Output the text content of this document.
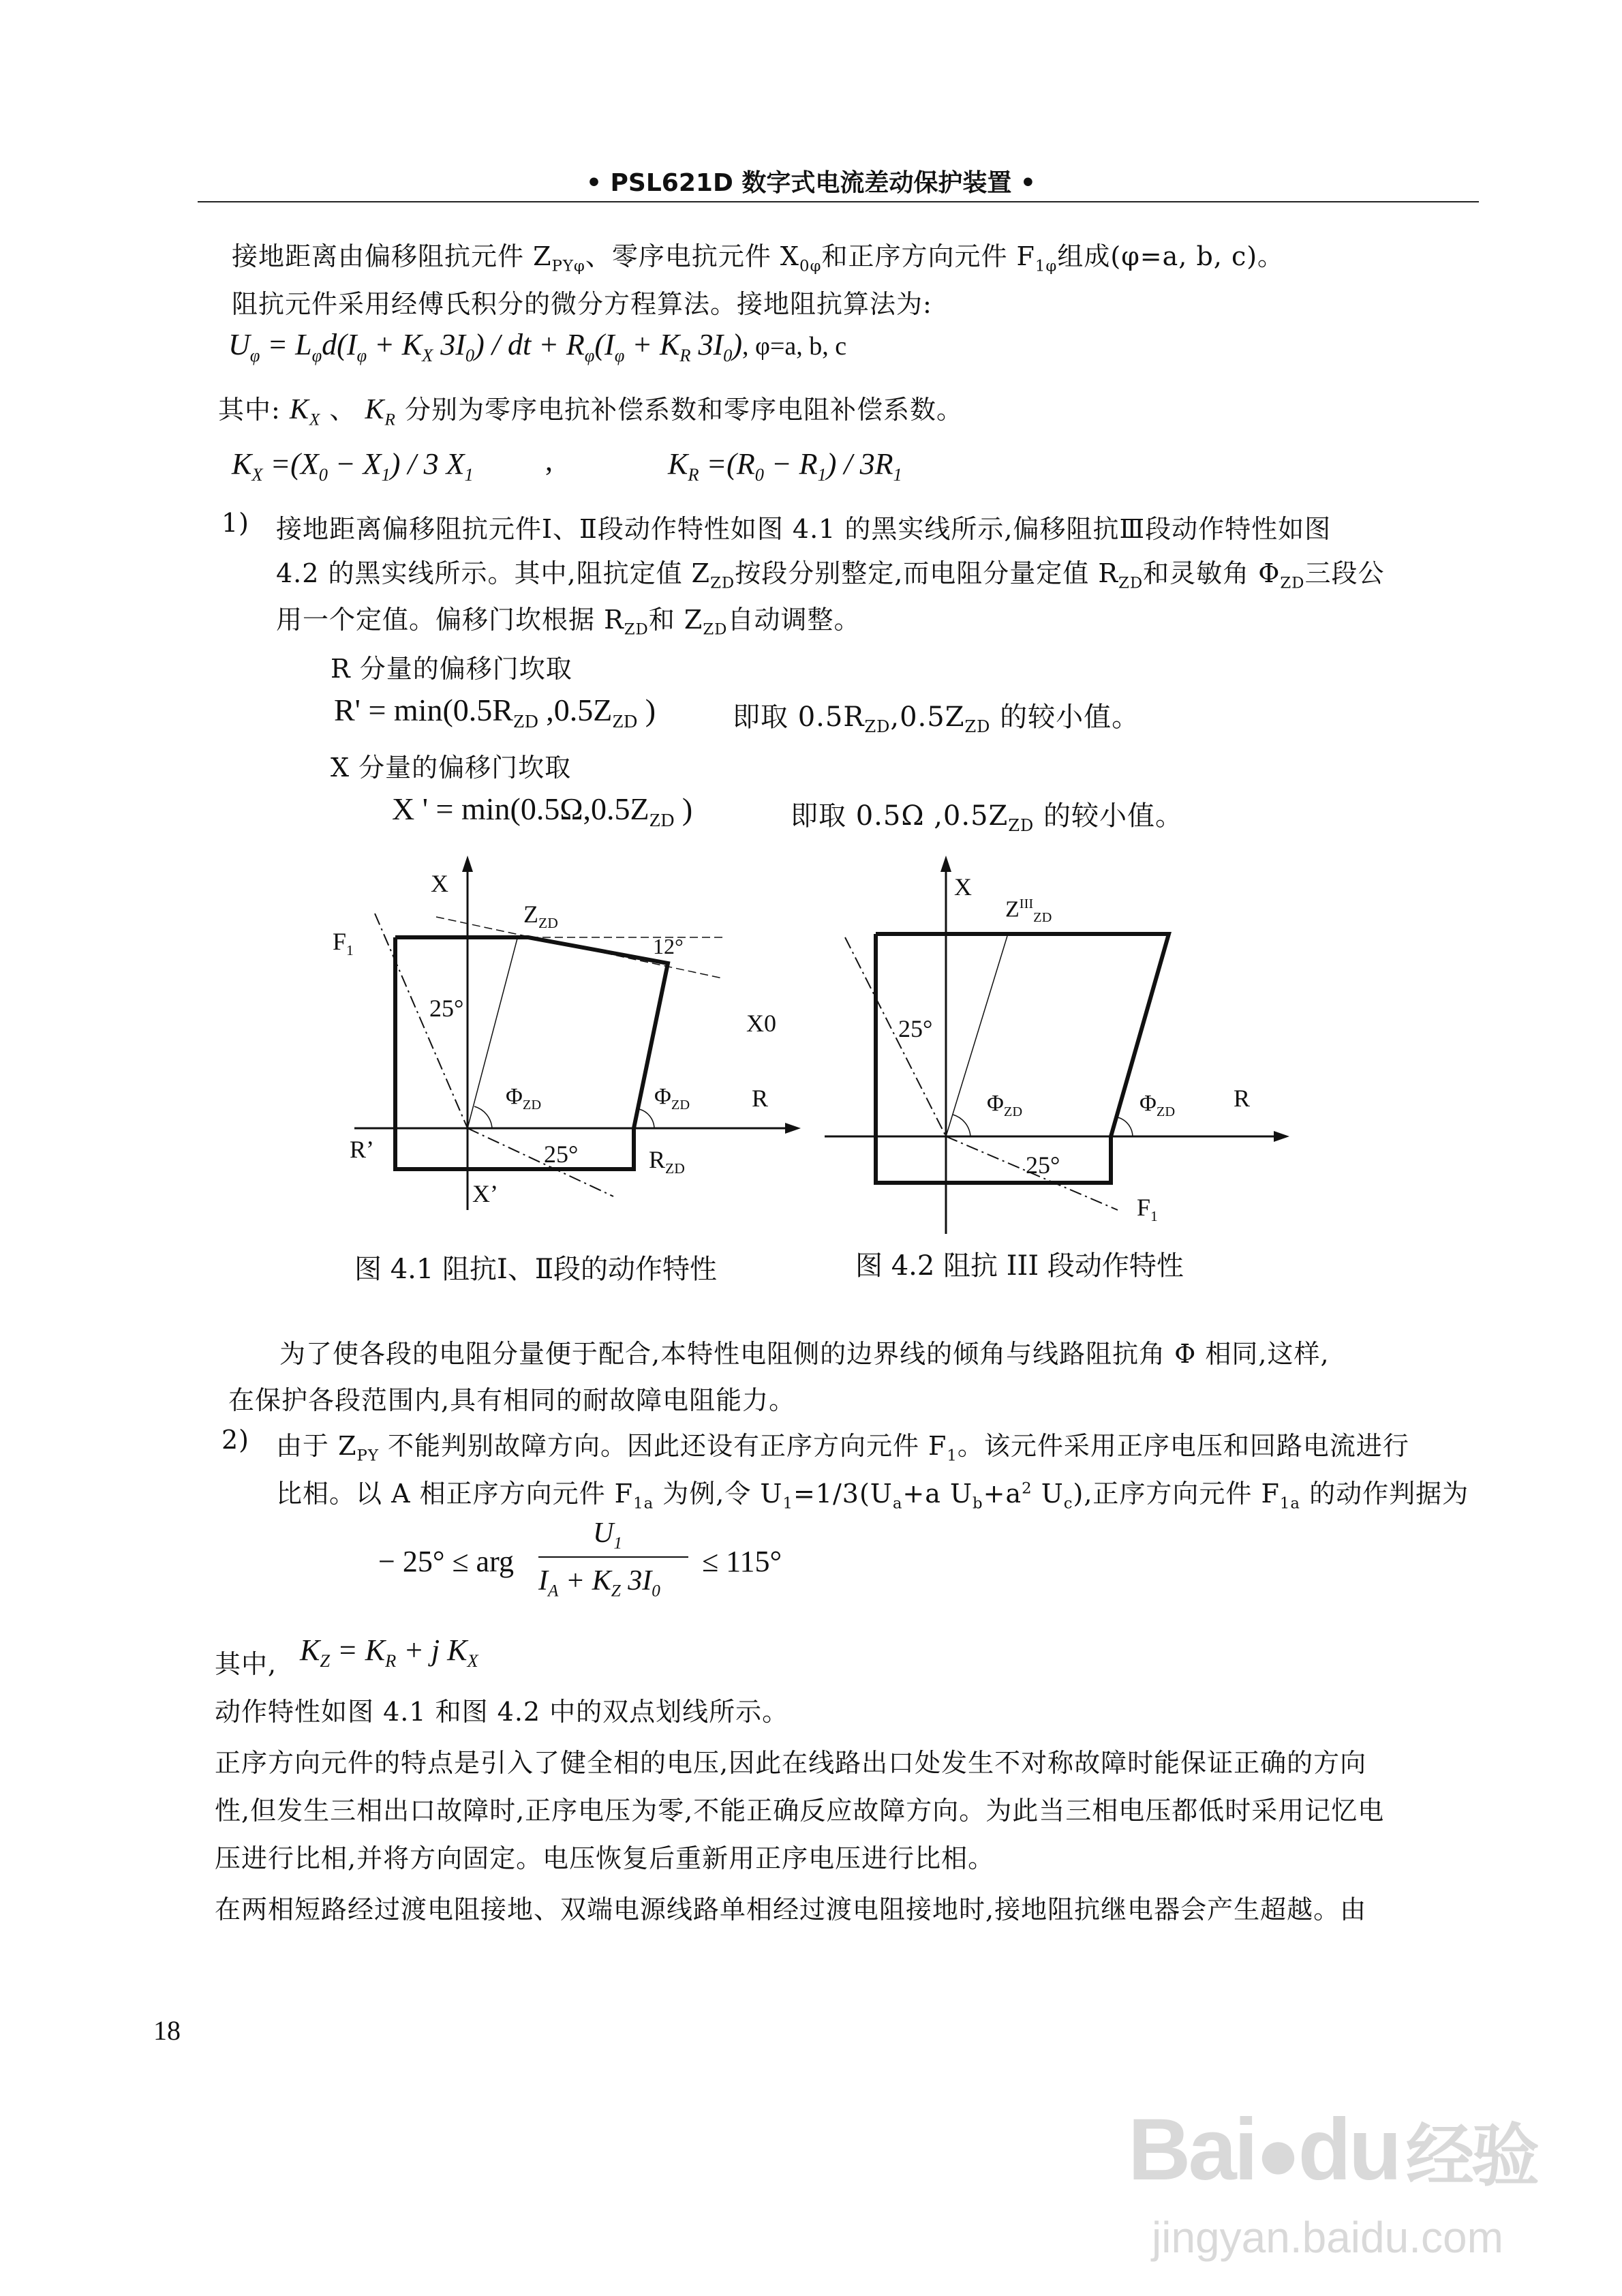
• PSL621D 数字式电流差动保护装置 •
接地距离由偏移阻抗元件 $Z_{PY\varphi}$、零序电抗元件 $X_{0\varphi}$和正序方向元件 $F_{1\varphi}$组成(φ=a, b, c)。
阻抗元件采用经傅氏积分的微分方程算法。接地阻抗算法为:
$U_\varphi = L_\varphi d(I_\varphi + K_X$ $3I_0$) / dt + $R_\varphi(I_\varphi + K_R$ $3I_0$), φ=a, b, c
其中: $K_X$ 、 $K_R$ 分别为零序电抗补偿系数和零序电阻补偿系数。
$K_X =(X_0 - X_1) / 3$ $X_1$ ,	$K_R =(R_0 - R_1) / 3R_1$
1) 接地距离偏移阻抗元件Ⅰ、Ⅱ段动作特性如图 4.1 的黑实线所示,偏移阻抗Ⅲ段动作特性如图
4.2 的黑实线所示。其中,阻抗定值 $Z_{ZD}$按段分别整定,而电阻分量定值 $R_{ZD}$和灵敏角 $\Phi_{ZD}$三段公
用一个定值。偏移门坎根据 $R_{ZD}$和 $Z_{ZD}$自动调整。
R 分量的偏移门坎取
$R' = \min(0.5R_{ZD}$ $,0.5Z_{ZD}$ )	即取 $0.5R_{ZD},0.5Z_{ZD}$ 的较小值。
X 分量的偏移门坎取
X ' = $\min(0.5\Omega,0.5Z_{ZD}$ )	即取 0.5Ω $,0.5Z_{ZD}$ 的较小值。
X
$F_1$
$Z_{ZD}$
12°
25°
X0
$\Phi_{ZD}$	$\Phi_{ZD}$	R
R’	25°	$R_{ZD}$
X’
图 4.1 阻抗Ⅰ、Ⅱ段的动作特性
X
$Z^{III}_{ZD}$
25°
$\Phi_{ZD}$	$\Phi_{ZD}$ R
25°
$F_1$
图 4.2 阻抗 III 段动作特性
为了使各段的电阻分量便于配合,本特性电阻侧的边界线的倾角与线路阻抗角 Φ 相同,这样,
在保护各段范围内,具有相同的耐故障电阻能力。
2) 由于 $Z_{PY}$ 不能判别故障方向。因此还设有正序方向元件 $F_1$。该元件采用正序电压和回路电流进行
比相。以 A 相正序方向元件 $F_{1a}$ 为例,令 $U_1=1/3(U_a+a$ $U_b+a^2$ $U_c$),正序方向元件 $F_{1a}$ 的动作判据为
− 25° ≤ arg
$U_1$
$I_A + K_Z$ $3I_0$
≤ 115°
其中, $K_Z = K_R + j$ $K_X$
动作特性如图 4.1 和图 4.2 中的双点划线所示。
正序方向元件的特点是引入了健全相的电压,因此在线路出口处发生不对称故障时能保证正确的方向
性,但发生三相出口故障时,正序电压为零,不能正确反应故障方向。为此当三相电压都低时采用记忆电
压进行比相,并将方向固定。电压恢复后重新用正序电压进行比相。
在两相短路经过渡电阻接地、双端电源线路单相经过渡电阻接地时,接地阻抗继电器会产生超越。由
18
Bai●du 经验
jingyan.baidu.com
